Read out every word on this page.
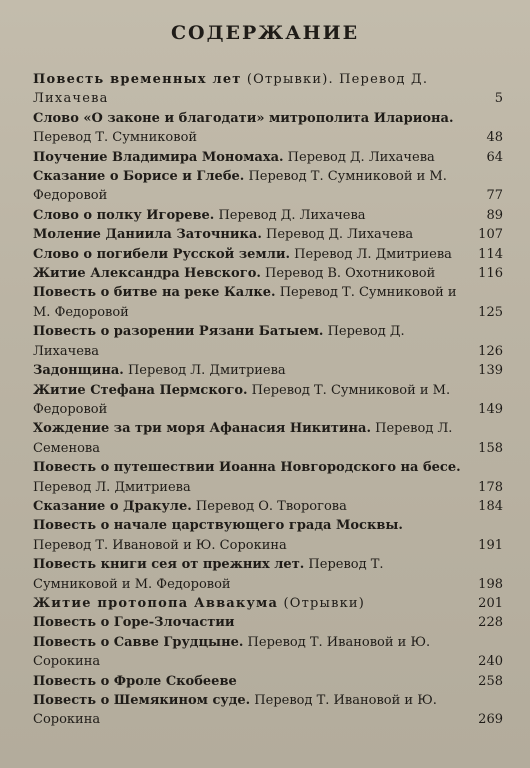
СОДЕРЖАНИЕ
Повесть временных лет (Отрывки). Перевод Д. Лихачева	5
Слово «О законе и благодати» митрополита Илариона. Перевод Т. Сумниковой	48
Поучение Владимира Мономаха. Перевод Д. Лихачева	64
Сказание о Борисе и Глебе. Перевод Т. Сумниковой и М. Федоровой	77
Слово о полку Игореве. Перевод Д. Лихачева	89
Моление Даниила Заточника. Перевод Д. Лихачева	107
Слово о погибели Русской земли. Перевод Л. Дмитриева	114
Житие Александра Невского. Перевод В. Охотниковой	116
Повесть о битве на реке Калке. Перевод Т. Сумниковой и М. Федоровой	125
Повесть о разорении Рязани Батыем. Перевод Д. Лихачева	126
Задонщина. Перевод Л. Дмитриева	139
Житие Стефана Пермского. Перевод Т. Сумниковой и М. Федоровой	149
Хождение за три моря Афанасия Никитина. Перевод Л. Семенова	158
Повесть о путешествии Иоанна Новгородского на бесе. Перевод Л. Дмитриева	178
Сказание о Дракуле. Перевод О. Творогова	184
Повесть о начале царствующего града Москвы. Перевод Т. Ивановой и Ю. Сорокина	191
Повесть книги сея от прежних лет. Перевод Т. Сумниковой и М. Федоровой	198
Житие протопопа Аввакума (Отрывки)	201
Повесть о Горе-Злочастии	228
Повесть о Савве Грудцыне. Перевод Т. Ивановой и Ю. Сорокина	240
Повесть о Фроле Скобееве	258
Повесть о Шемякином суде. Перевод Т. Ивановой и Ю. Сорокина	269
